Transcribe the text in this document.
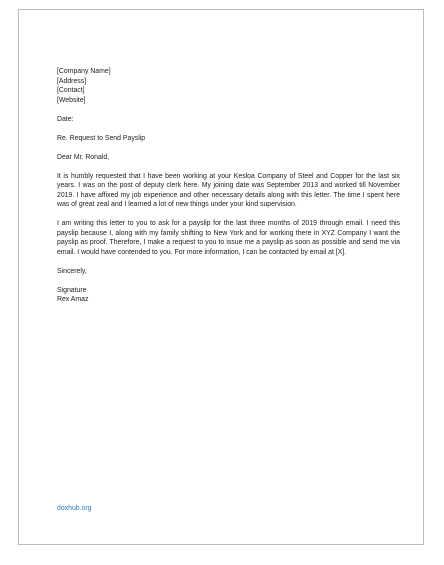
[Company Name]
[Address]
[Contact]
[Website]
Date:
Re. Request to Send Payslip
Dear Mr. Ronald,

It is humbly requested that I have been working at your Kesloa Company of Steel and Copper for the last six years. I was on the post of deputy clerk here. My joining date was September 2013 and worked till November 2019. I have affixed my job experience and other necessary details along with this letter. The time I spent here was of great zeal and I learned a lot of new things under your kind supervision.

I am writing this letter to you to ask for a payslip for the last three months of 2019 through email. I need this payslip because I, along with my family shifting to New York and for working there in XYZ Company I want the payslip as proof. Therefore, I make a request to you to issue me a payslip as soon as possible and send me via email. I would have contended to you. For more information, I can be contacted by email at [X].

Sincerely,
Signature
Rex Amaz
doxhub.org
